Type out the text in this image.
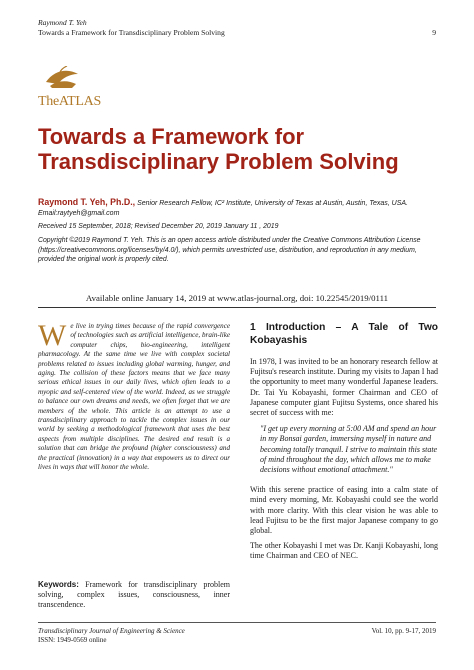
Raymond T. Yeh
Towards a Framework for Transdisciplinary Problem Solving	9
TheATLAS
Towards a Framework for
Transdisciplinary Problem Solving
Raymond T. Yeh, Ph.D., Senior Research Fellow, IC² Institute, University of Texas at Austin, Austin, Texas, USA.
Email:raytyeh@gmail.com

Received 15 September, 2018; Revised December 20, 2019 January 11 , 2019

Copyright ©2019 Raymond T. Yeh. This is an open access article distributed under the Creative Commons Attribution License (https://creativecommons.org/licenses/by/4.0/), which permits unrestricted use, distribution, and reproduction in any medium, provided the original work is properly cited.

Available online January 14, 2019 at www.atlas-journal.org, doi: 10.22545/2019/0111
We live in trying times because of the rapid convergence of technologies such as artificial intelligence, brain-like computer chips, bio-engineering, intelligent pharmacology. At the same time we live with complex societal problems related to issues including global warming, hunger, and aging. The collision of these factors means that we face many serious ethical issues in our daily lives, which often leads to a myopic and self-centered view of the world. Indeed, as we struggle to balance our own dreams and needs, we often forget that we are members of the whole. This article is an attempt to use a transdisciplinary approach to tackle the complex issues in our world by seeking a methodological framework that uses the best aspects from multiple disciplines. The desired end result is a solution that can bridge the profound (higher consciousness) and the practical (innovation) in a way that empowers us to direct our lives in ways that will honor the whole.
Keywords: Framework for transdisciplinary problem solving, complex issues, consciousness, inner transcendence.
1 Introduction – A Tale of Two Kobayashis

In 1978, I was invited to be an honorary research fellow at Fujitsu's research institute. During my visits to Japan I had the opportunity to meet many wonderful Japanese leaders. Dr. Tai Yu Kobayashi, former Chairman and CEO of Japanese computer giant Fujitsu Systems, once shared his secret of success with me:

"I get up every morning at 5:00 AM and spend an hour in my Bonsai garden, immersing myself in nature and becoming totally tranquil. I strive to maintain this state of mind throughout the day, which allows me to make decisions without emotional attachment."

With this serene practice of easing into a calm state of mind every morning, Mr. Kobayashi could see the world with more clarity. With this clear vision he was able to lead Fujitsu to be the first major Japanese company to go global.

The other Kobayashi I met was Dr. Kanji Kobayashi, long time Chairman and CEO of NEC.

Transdisciplinary Journal of Engineering & Science
ISSN: 1949-0569 online
Vol. 10, pp. 9-17, 2019
